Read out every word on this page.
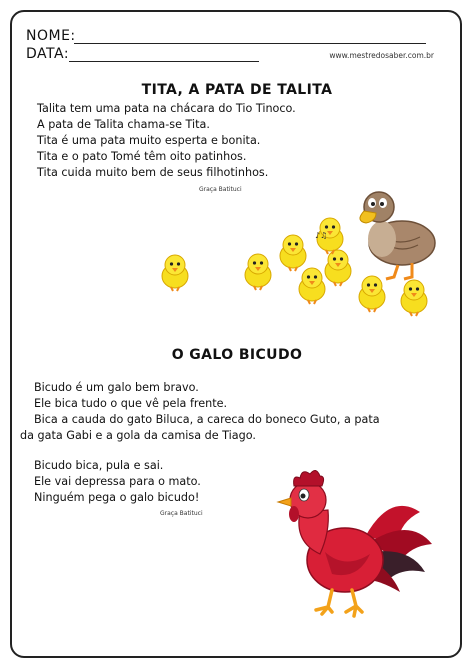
NOME:
DATA:	www.mestredosaber.com.br
TITA, A PATA DE TALITA
Talita tem uma pata na chácara do Tio Tinoco.
A pata de Talita chama-se Tita.
Tita é uma pata muito esperta e bonita.
Tita e o pato Tomé têm oito patinhos.
Tita cuida muito bem de seus filhotinhos.
Graça Batituci
♪♫
O GALO BICUDO
Bicudo é um galo bem bravo.
Ele bica tudo o que vê pela frente.
Bica a cauda do gato Biluca, a careca do boneco Guto, a pata
da gata Gabi e a gola da camisa de Tiago.
Bicudo bica, pula e sai.
Ele vai depressa para o mato.
Ninguém pega o galo bicudo!
Graça Batituci
